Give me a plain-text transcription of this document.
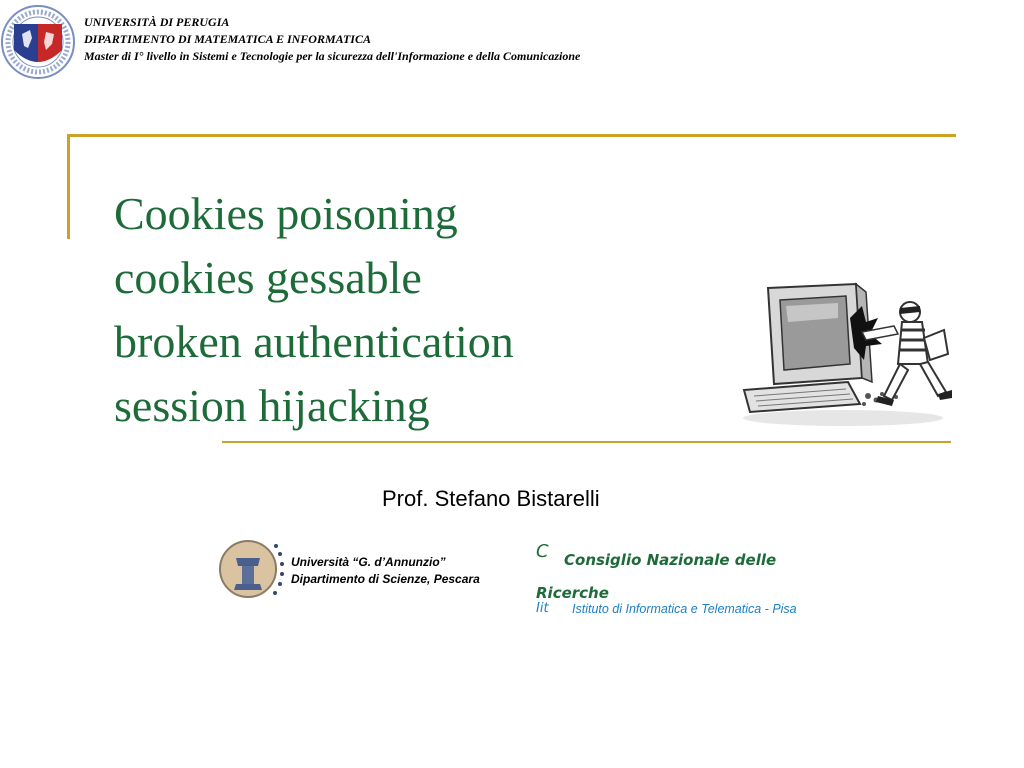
UNIVERSITÀ DI PERUGIA
DIPARTIMENTO DI MATEMATICA E INFORMATICA
Master di I° livello in Sistemi e Tecnologie per la sicurezza dell'Informazione e della Comunicazione
Cookies poisoning
cookies gessable
broken authentication
session hijacking
Prof. Stefano Bistarelli
Università “G. d’Annunzio”
Dipartimento di Scienze, Pescara
C	Consiglio Nazionale delle Ricerche
Iit Istituto di Informatica e Telematica - Pisa
